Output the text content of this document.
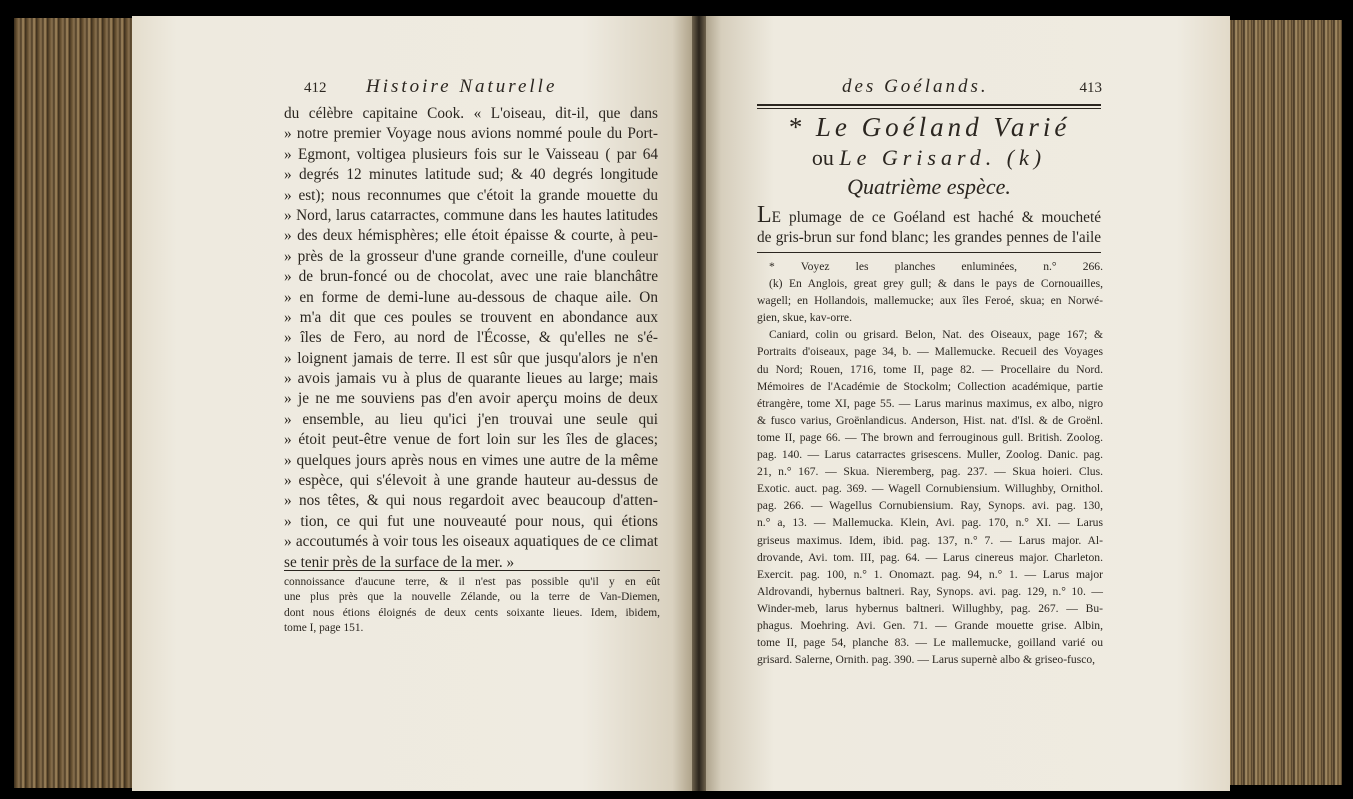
412 Histoire Naturelle
du célèbre capitaine Cook. « L'oiseau, dit-il, que dans
» notre premier Voyage nous avions nommé poule du Port-
» Egmont, voltigea plusieurs fois sur le Vaisseau ( par 64
» degrés 12 minutes latitude sud; & 40 degrés longitude
» est); nous reconnumes que c'étoit la grande mouette du
» Nord, larus catarractes, commune dans les hautes latitudes
» des deux hémisphères; elle étoit épaisse & courte, à peu-
» près de la grosseur d'une grande corneille, d'une couleur
» de brun-foncé ou de chocolat, avec une raie blanchâtre
» en forme de demi-lune au-dessous de chaque aile. On
» m'a dit que ces poules se trouvent en abondance aux
» îles de Fero, au nord de l'Écosse, & qu'elles ne s'é-
» loignent jamais de terre. Il est sûr que jusqu'alors je n'en
» avois jamais vu à plus de quarante lieues au large; mais
» je ne me souviens pas d'en avoir aperçu moins de deux
» ensemble, au lieu qu'ici j'en trouvai une seule qui
» étoit peut-être venue de fort loin sur les îles de glaces;
» quelques jours après nous en vimes une autre de la même
» espèce, qui s'élevoit à une grande hauteur au-dessus de
» nos têtes, & qui nous regardoit avec beaucoup d'atten-
» tion, ce qui fut une nouveauté pour nous, qui étions
» accoutumés à voir tous les oiseaux aquatiques de ce climat
se tenir près de la surface de la mer. »
connoissance d'aucune terre, & il n'est pas possible qu'il y en eût
une plus près que la nouvelle Zélande, ou la terre de Van-Diemen,
dont nous étions éloignés de deux cents soixante lieues. Idem, ibidem,
tome I, page 151.
des Goélands.	413
* Le Goéland Varié
ou Le Grisard. (k)
Quatrième espèce.
LE plumage de ce Goéland est haché & moucheté
de gris-brun sur fond blanc; les grandes pennes de l'aile
* Voyez les planches enluminées, n.° 266.
(k) En Anglois, great grey gull; & dans le pays de Cornouailles,
wagell; en Hollandois, mallemucke; aux îles Feroé, skua; en Norwé-
gien, skue, kav-orre.
Caniard, colin ou grisard. Belon, Nat. des Oiseaux, page 167; &
Portraits d'oiseaux, page 34, b. — Mallemucke. Recueil des Voyages
du Nord; Rouen, 1716, tome II, page 82. — Procellaire du Nord.
Mémoires de l'Académie de Stockolm; Collection académique, partie
étrangère, tome XI, page 55. — Larus marinus maximus, ex albo, nigro
& fusco varius, Groënlandicus. Anderson, Hist. nat. d'Isl. & de Groënl.
tome II, page 66. — The brown and ferrouginous gull. British. Zoolog.
pag. 140. — Larus catarractes grisescens. Muller, Zoolog. Danic. pag.
21, n.° 167. — Skua. Nieremberg, pag. 237. — Skua hoieri. Clus.
Exotic. auct. pag. 369. — Wagell Cornubiensium. Willughby, Ornithol.
pag. 266. — Wagellus Cornubiensium. Ray, Synops. avi. pag. 130,
n.° a, 13. — Mallemucka. Klein, Avi. pag. 170, n.° XI. — Larus
griseus maximus. Idem, ibid. pag. 137, n.° 7. — Larus major. Al-
drovande, Avi. tom. III, pag. 64. — Larus cinereus major. Charleton.
Exercit. pag. 100, n.° 1. Onomazt. pag. 94, n.° 1. — Larus major
Aldrovandi, hybernus baltneri. Ray, Synops. avi. pag. 129, n.° 10. —
Winder-meb, larus hybernus baltneri. Willughby, pag. 267. — Bu-
phagus. Moehring. Avi. Gen. 71. — Grande mouette grise. Albin,
tome II, page 54, planche 83. — Le mallemucke, goilland varié ou
grisard. Salerne, Ornith. pag. 390. — Larus supernè albo & griseo-fusco,
